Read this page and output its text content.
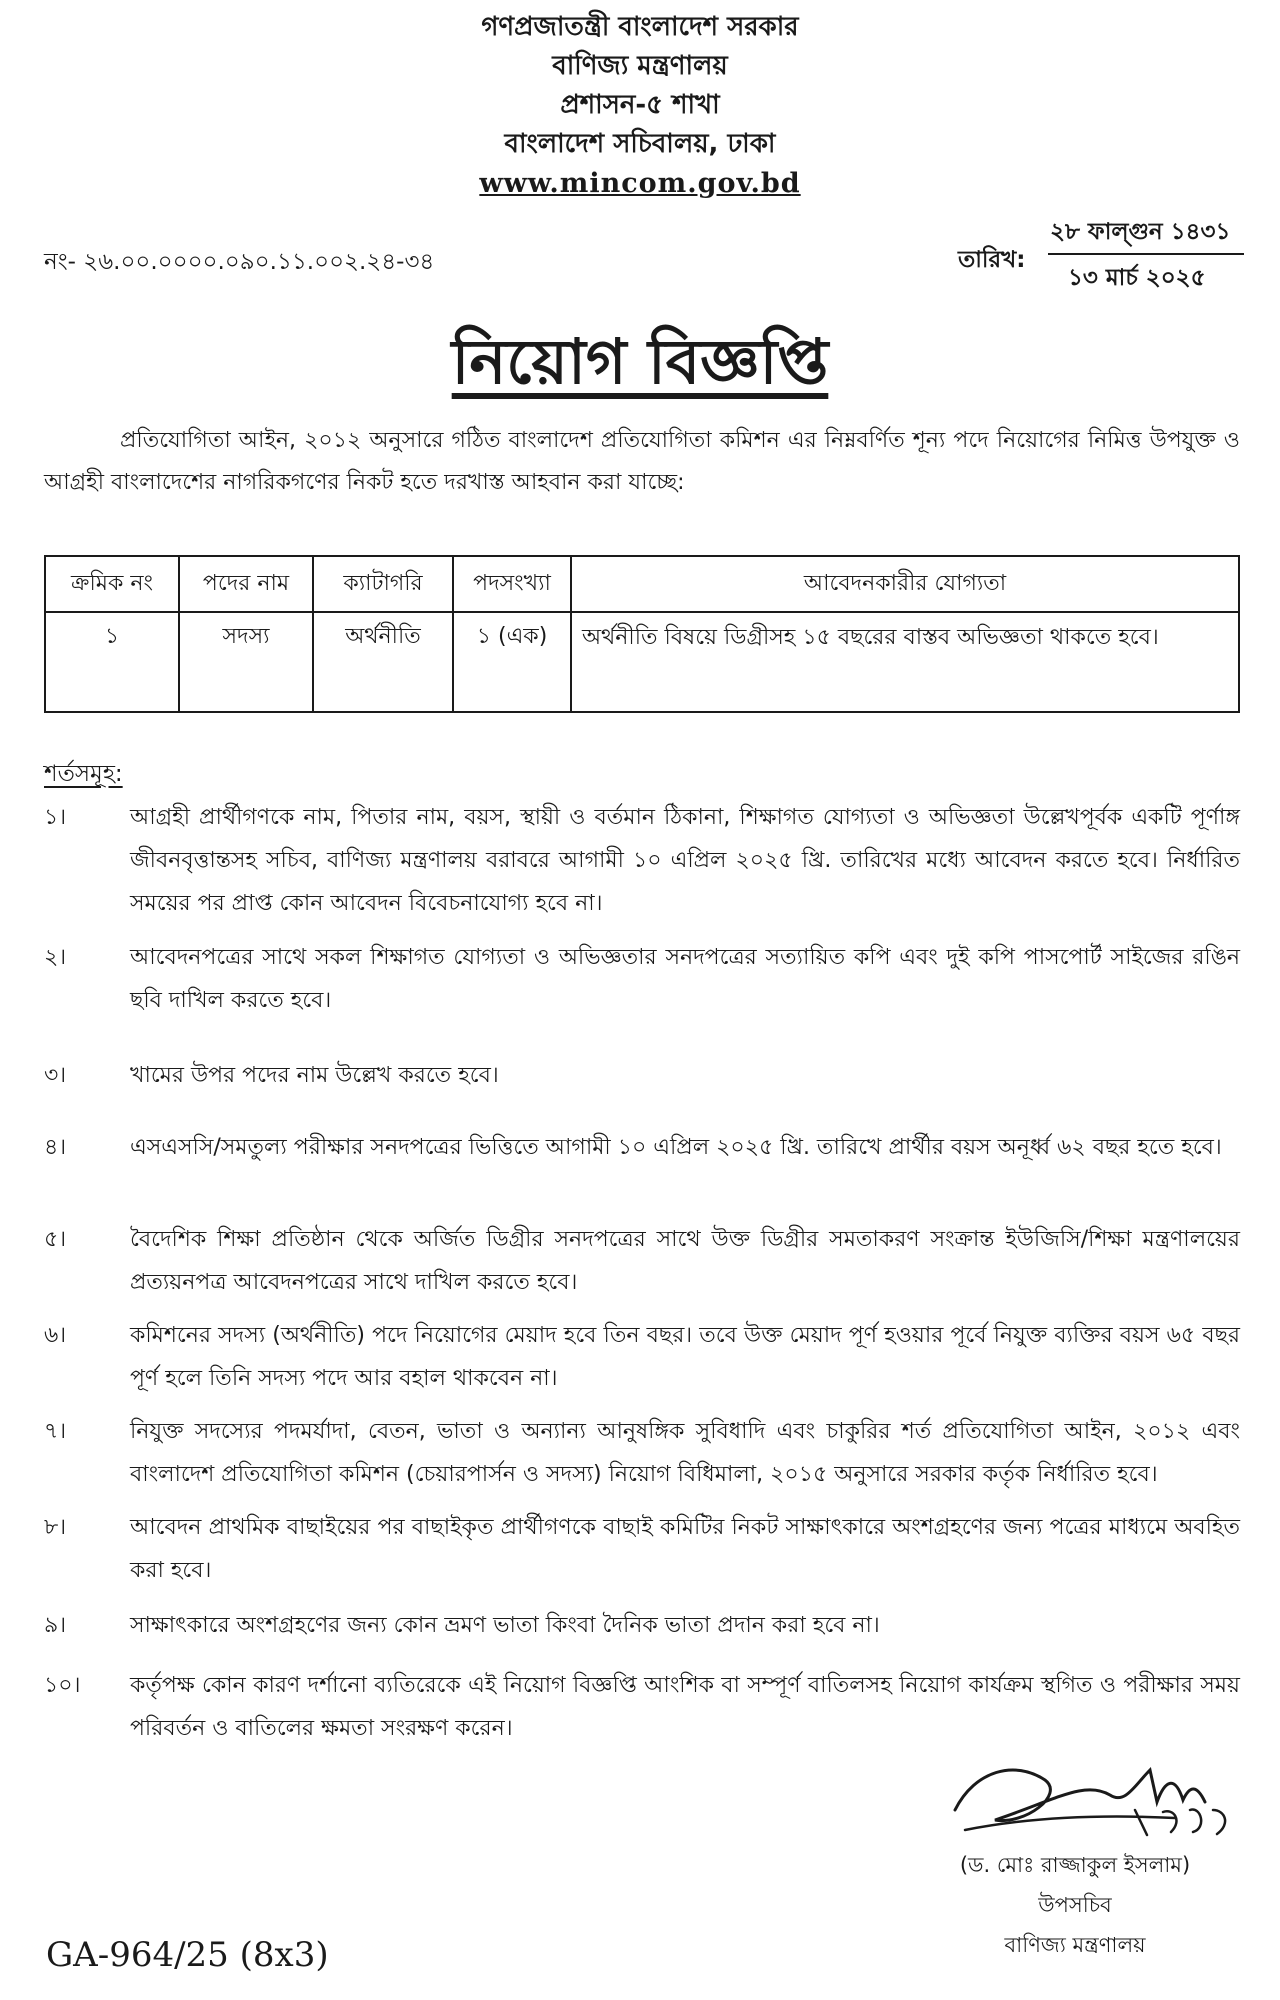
গণপ্রজাতন্ত্রী বাংলাদেশ সরকার
বাণিজ্য মন্ত্রণালয়
প্রশাসন-৫ শাখা
বাংলাদেশ সচিবালয়, ঢাকা
www.mincom.gov.bd
নং- ২৬.০০.০০০০.০৯০.১১.০০২.২৪-৩৪	তারিখ:
২৮ ফাল্গুন ১৪৩১
১৩ মার্চ ২০২৫
নিয়োগ বিজ্ঞপ্তি
প্রতিযোগিতা আইন, ২০১২ অনুসারে গঠিত বাংলাদেশ প্রতিযোগিতা কমিশন এর নিম্নবর্ণিত শূন্য পদে নিয়োগের নিমিত্ত উপযুক্ত ও আগ্রহী বাংলাদেশের নাগরিকগণের নিকট হতে দরখাস্ত আহবান করা যাচ্ছে:
ক্রমিক নং	পদের নাম	ক্যাটাগরি	পদসংখ্যা	আবেদনকারীর যোগ্যতা
১	সদস্য	অর্থনীতি	১ (এক)	অর্থনীতি বিষয়ে ডিগ্রীসহ ১৫ বছরের বাস্তব অভিজ্ঞতা থাকতে হবে।
শর্তসমূহ:
১।	আগ্রহী প্রার্থীগণকে নাম, পিতার নাম, বয়স, স্থায়ী ও বর্তমান ঠিকানা, শিক্ষাগত যোগ্যতা ও অভিজ্ঞতা উল্লেখপূর্বক একটি পূর্ণাঙ্গ জীবনবৃত্তান্তসহ সচিব, বাণিজ্য মন্ত্রণালয় বরাবরে আগামী ১০ এপ্রিল ২০২৫ খ্রি. তারিখের মধ্যে আবেদন করতে হবে। নির্ধারিত সময়ের পর প্রাপ্ত কোন আবেদন বিবেচনাযোগ্য হবে না।
২।	আবেদনপত্রের সাথে সকল শিক্ষাগত যোগ্যতা ও অভিজ্ঞতার সনদপত্রের সত্যায়িত কপি এবং দুই কপি পাসপোর্ট সাইজের রঙিন ছবি দাখিল করতে হবে।
৩।	খামের উপর পদের নাম উল্লেখ করতে হবে।
৪।	এসএসসি/সমতুল্য পরীক্ষার সনদপত্রের ভিত্তিতে আগামী ১০ এপ্রিল ২০২৫ খ্রি. তারিখে প্রার্থীর বয়স অনূর্ধ্ব ৬২ বছর হতে হবে।
৫।	বৈদেশিক শিক্ষা প্রতিষ্ঠান থেকে অর্জিত ডিগ্রীর সনদপত্রের সাথে উক্ত ডিগ্রীর সমতাকরণ সংক্রান্ত ইউজিসি/শিক্ষা মন্ত্রণালয়ের প্রত্যয়নপত্র আবেদনপত্রের সাথে দাখিল করতে হবে।
৬।	কমিশনের সদস্য (অর্থনীতি) পদে নিয়োগের মেয়াদ হবে তিন বছর। তবে উক্ত মেয়াদ পূর্ণ হওয়ার পূর্বে নিযুক্ত ব্যক্তির বয়স ৬৫ বছর পূর্ণ হলে তিনি সদস্য পদে আর বহাল থাকবেন না।
৭।	নিযুক্ত সদস্যের পদমর্যাদা, বেতন, ভাতা ও অন্যান্য আনুষঙ্গিক সুবিধাদি এবং চাকুরির শর্ত প্রতিযোগিতা আইন, ২০১২ এবং বাংলাদেশ প্রতিযোগিতা কমিশন (চেয়ারপার্সন ও সদস্য) নিয়োগ বিধিমালা, ২০১৫ অনুসারে সরকার কর্তৃক নির্ধারিত হবে।
৮।	আবেদন প্রাথমিক বাছাইয়ের পর বাছাইকৃত প্রার্থীগণকে বাছাই কমিটির নিকট সাক্ষাৎকারে অংশগ্রহণের জন্য পত্রের মাধ্যমে অবহিত করা হবে।
৯।	সাক্ষাৎকারে অংশগ্রহণের জন্য কোন ভ্রমণ ভাতা কিংবা দৈনিক ভাতা প্রদান করা হবে না।
১০।	কর্তৃপক্ষ কোন কারণ দর্শানো ব্যতিরেকে এই নিয়োগ বিজ্ঞপ্তি আংশিক বা সম্পূর্ণ বাতিলসহ নিয়োগ কার্যক্রম স্থগিত ও পরীক্ষার সময় পরিবর্তন ও বাতিলের ক্ষমতা সংরক্ষণ করেন।
(ড. মোঃ রাজ্জাকুল ইসলাম)
উপসচিব
বাণিজ্য মন্ত্রণালয়
GA-964/25 (8x3)
